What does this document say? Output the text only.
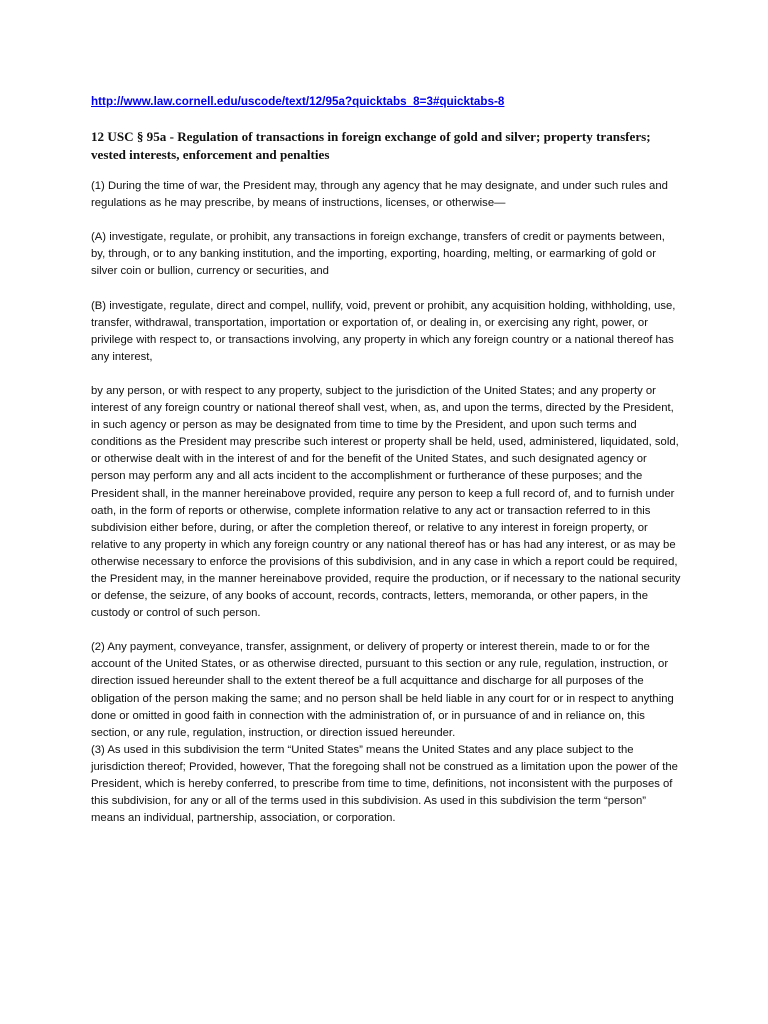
http://www.law.cornell.edu/uscode/text/12/95a?quicktabs_8=3#quicktabs-8
12 USC § 95a - Regulation of transactions in foreign exchange of gold and silver; property transfers; vested interests, enforcement and penalties

(1) During the time of war, the President may, through any agency that he may designate, and under such rules and regulations as he may prescribe, by means of instructions, licenses, or otherwise—

(A) investigate, regulate, or prohibit, any transactions in foreign exchange, transfers of credit or payments between, by, through, or to any banking institution, and the importing, exporting, hoarding, melting, or earmarking of gold or silver coin or bullion, currency or securities, and

(B) investigate, regulate, direct and compel, nullify, void, prevent or prohibit, any acquisition holding, withholding, use, transfer, withdrawal, transportation, importation or exportation of, or dealing in, or exercising any right, power, or privilege with respect to, or transactions involving, any property in which any foreign country or a national thereof has any interest,

by any person, or with respect to any property, subject to the jurisdiction of the United States; and any property or interest of any foreign country or national thereof shall vest, when, as, and upon the terms, directed by the President, in such agency or person as may be designated from time to time by the President, and upon such terms and conditions as the President may prescribe such interest or property shall be held, used, administered, liquidated, sold, or otherwise dealt with in the interest of and for the benefit of the United States, and such designated agency or person may perform any and all acts incident to the accomplishment or furtherance of these purposes; and the President shall, in the manner hereinabove provided, require any person to keep a full record of, and to furnish under oath, in the form of reports or otherwise, complete information relative to any act or transaction referred to in this subdivision either before, during, or after the completion thereof, or relative to any interest in foreign property, or relative to any property in which any foreign country or any national thereof has or has had any interest, or as may be otherwise necessary to enforce the provisions of this subdivision, and in any case in which a report could be required, the President may, in the manner hereinabove provided, require the production, or if necessary to the national security or defense, the seizure, of any books of account, records, contracts, letters, memoranda, or other papers, in the custody or control of such person.

(2) Any payment, conveyance, transfer, assignment, or delivery of property or interest therein, made to or for the account of the United States, or as otherwise directed, pursuant to this section or any rule, regulation, instruction, or direction issued hereunder shall to the extent thereof be a full acquittance and discharge for all purposes of the obligation of the person making the same; and no person shall be held liable in any court for or in respect to anything done or omitted in good faith in connection with the administration of, or in pursuance of and in reliance on, this section, or any rule, regulation, instruction, or direction issued hereunder.

(3) As used in this subdivision the term “United States” means the United States and any place subject to the jurisdiction thereof; Provided, however, That the foregoing shall not be construed as a limitation upon the power of the President, which is hereby conferred, to prescribe from time to time, definitions, not inconsistent with the purposes of this subdivision, for any or all of the terms used in this subdivision. As used in this subdivision the term “person” means an individual, partnership, association, or corporation.
